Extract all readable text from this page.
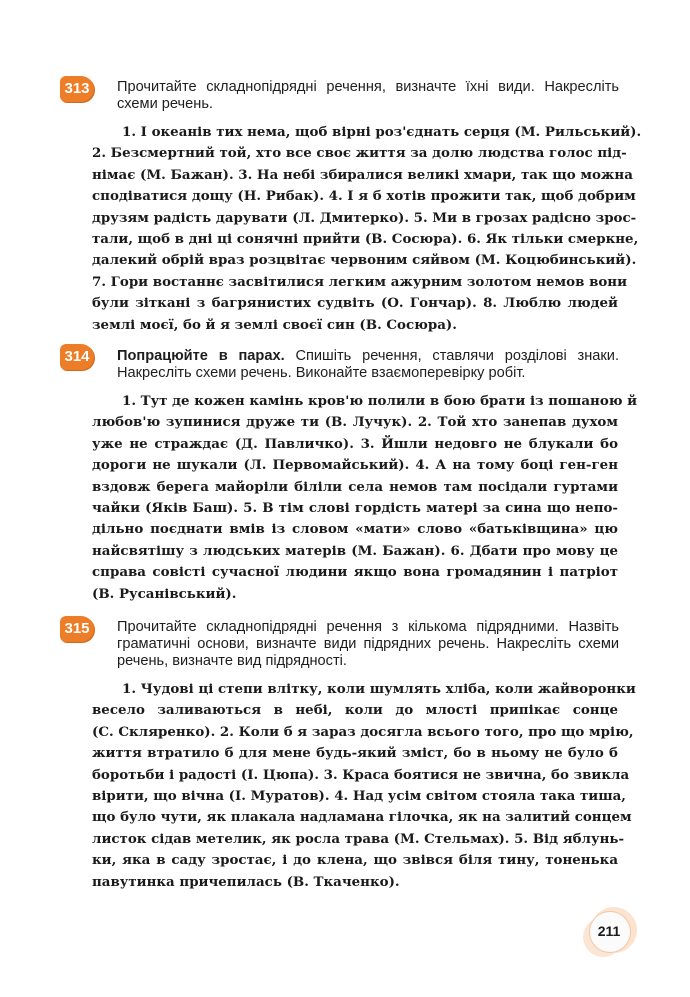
313	Прочитайте складнопідрядні речення, визначте їхні види. Накресліть
схеми речень.
1. І океанів тих нема, щоб вірні роз'єднать серця (М. Рильський).
2. Безсмертний той, хто все своє життя за долю людства голос під-
німає (М. Бажан). 3. На небі збиралися великі хмари, так що можна
сподіватися дощу (Н. Рибак). 4. І я б хотів прожити так, щоб добрим
друзям радість дарувати (Л. Дмитерко). 5. Ми в грозах радісно зрос-
тали, щоб в дні ці сонячні прийти (В. Сосюра). 6. Як тільки смеркне,
далекий обрій враз розцвітає червоним сяйвом (М. Коцюбинський).
7. Гори востаннє засвітилися легким ажурним золотом немов вони
були зіткані з багрянистих судвіть (О. Гончар). 8. Люблю людей
землі моєї, бо й я землі своєї син (В. Сосюра).
314	Попрацюйте в парах. Спишіть речення, ставлячи розділові знаки.
Накресліть схеми речень. Виконайте взаємоперевірку робіт.
1. Тут де кожен камінь кров'ю полили в бою брати із пошаною й
любов'ю зупинися друже ти (В. Лучук). 2. Той хто занепав духом
уже не страждає (Д. Павличко). 3. Йшли недовго не блукали бо
дороги не шукали (Л. Первомайський). 4. А на тому боці ген-ген
вздовж берега майоріли біліли села немов там посідали гуртами
чайки (Яків Баш). 5. В тім слові гордість матері за сина що непо-
дільно поєднати вмів із словом «мати» слово «батьківщина» цю
найсвятішу з людських матерів (М. Бажан). 6. Дбати про мову це
справа совісті сучасної людини якщо вона громадянин і патріот
(В. Русанівський).
315	Прочитайте складнопідрядні речення з кількома підрядними. Назвіть
граматичні основи, визначте види підрядних речень. Накресліть схеми
речень, визначте вид підрядності.
1. Чудові ці степи влітку, коли шумлять хліба, коли жайворонки
весело заливаються в небі, коли до млості припікає сонце
(С. Скляренко). 2. Коли б я зараз досягла всього того, про що мрію,
життя втратило б для мене будь-який зміст, бо в ньому не було б
боротьби і радості (І. Цюпа). 3. Краса боятися не звична, бо звикла
вірити, що вічна (І. Муратов). 4. Над усім світом стояла така тиша,
що було чути, як плакала надламана гілочка, як на залитий сонцем
листок сідав метелик, як росла трава (М. Стельмах). 5. Від яблунь-
ки, яка в саду зростає, і до клена, що звівся біля тину, тоненька
павутинка причепилась (В. Ткаченко).
211
